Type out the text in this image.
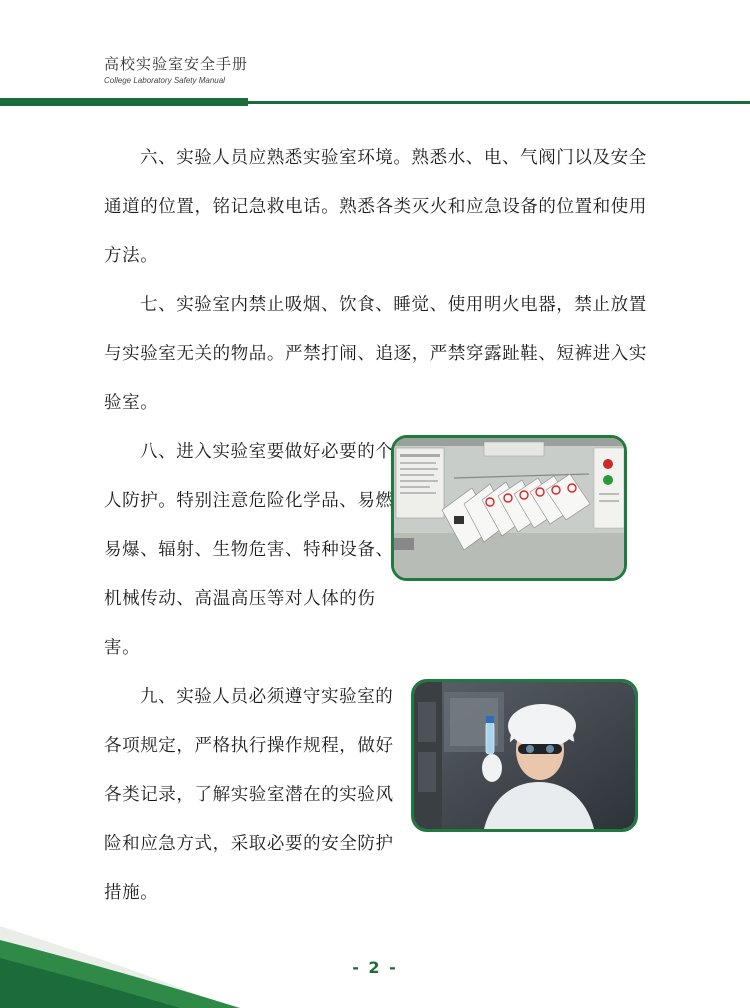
高校实验室安全手册
College Laboratory Safety Manual

六、实验人员应熟悉实验室环境。熟悉水、电、气阀门以及安全通道的位置，铭记急救电话。熟悉各类灭火和应急设备的位置和使用方法。

七、实验室内禁止吸烟、饮食、睡觉、使用明火电器，禁止放置与实验室无关的物品。严禁打闹、追逐，严禁穿露趾鞋、短裤进入实验室。

八、进入实验室要做好必要的个人防护。特别注意危险化学品、易燃易爆、辐射、生物危害、特种设备、机械传动、高温高压等对人体的伤害。

九、实验人员必须遵守实验室的各项规定，严格执行操作规程，做好各类记录，了解实验室潜在的实验风险和应急方式，采取必要的安全防护措施。

- 2 -
